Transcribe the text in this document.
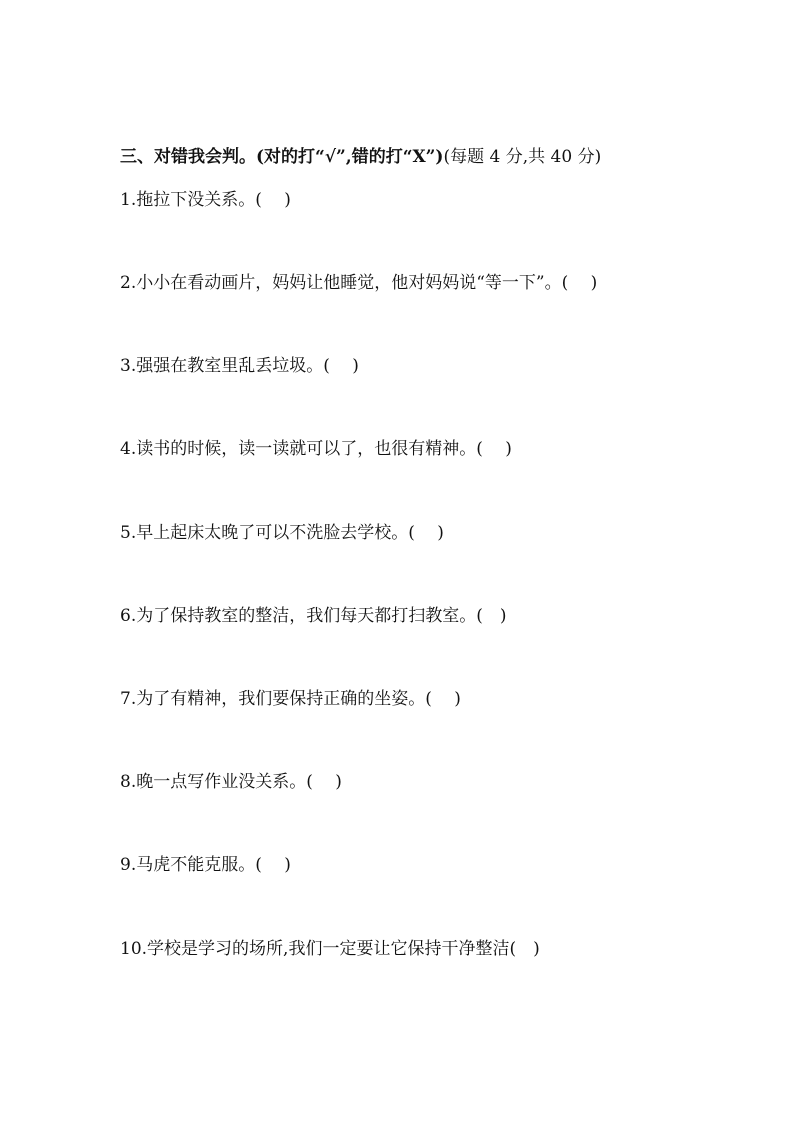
三、对错我会判。(对的打“√”,错的打“X”)(每题 4 分,共 40 分)
1.拖拉下没关系。(　 )
2.小小在看动画片，妈妈让他睡觉，他对妈妈说“等一下”。(　 )
3.强强在教室里乱丢垃圾。(　 )
4.读书的时候，读一读就可以了，也很有精神。(　 )
5.早上起床太晚了可以不洗脸去学校。(　 )
6.为了保持教室的整洁，我们每天都打扫教室。(　)
7.为了有精神，我们要保持正确的坐姿。(　 )
8.晚一点写作业没关系。(　 )
9.马虎不能克服。(　 )
10.学校是学习的场所,我们一定要让它保持干净整洁(　)
